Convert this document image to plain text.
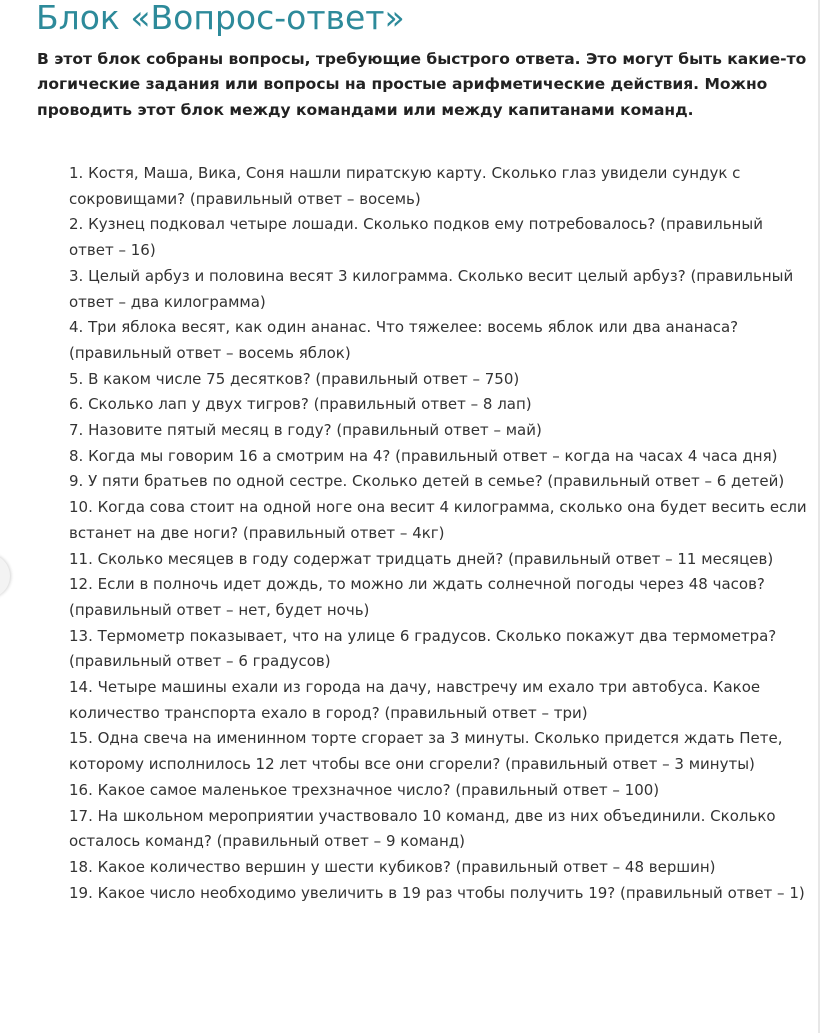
Блок «Вопрос-ответ»

В этот блок собраны вопросы, требующие быстрого ответа. Это могут быть какие-то логические задания или вопросы на простые арифметические действия. Можно проводить этот блок между командами или между капитанами команд.

1. Костя, Маша, Вика, Соня нашли пиратскую карту. Сколько глаз увидели сундук с сокровищами? (правильный ответ – восемь)
2. Кузнец подковал четыре лошади. Сколько подков ему потребовалось? (правильный ответ – 16)
3. Целый арбуз и половина весят 3 килограмма. Сколько весит целый арбуз? (правильный ответ – два килограмма)
4. Три яблока весят, как один ананас. Что тяжелее: восемь яблок или два ананаса? (правильный ответ – восемь яблок)
5. В каком числе 75 десятков? (правильный ответ – 750)
6. Сколько лап у двух тигров? (правильный ответ – 8 лап)
7. Назовите пятый месяц в году? (правильный ответ – май)
8. Когда мы говорим 16 а смотрим на 4? (правильный ответ – когда на часах 4 часа дня)
9. У пяти братьев по одной сестре. Сколько детей в семье? (правильный ответ – 6 детей)
10. Когда сова стоит на одной ноге она весит 4 килограмма, сколько она будет весить если встанет на две ноги? (правильный ответ – 4кг)
11. Сколько месяцев в году содержат тридцать дней? (правильный ответ – 11 месяцев)
12. Если в полночь идет дождь, то можно ли ждать солнечной погоды через 48 часов? (правильный ответ – нет, будет ночь)
13. Термометр показывает, что на улице 6 градусов. Сколько покажут два термометра? (правильный ответ – 6 градусов)
14. Четыре машины ехали из города на дачу, навстречу им ехало три автобуса. Какое количество транспорта ехало в город? (правильный ответ – три)
15. Одна свеча на именинном торте сгорает за 3 минуты. Сколько придется ждать Пете, которому исполнилось 12 лет чтобы все они сгорели? (правильный ответ – 3 минуты)
16. Какое самое маленькое трехзначное число? (правильный ответ – 100)
17. На школьном мероприятии участвовало 10 команд, две из них объединили. Сколько осталось команд? (правильный ответ – 9 команд)
18. Какое количество вершин у шести кубиков? (правильный ответ – 48 вершин)
19. Какое число необходимо увеличить в 19 раз чтобы получить 19? (правильный ответ – 1)
